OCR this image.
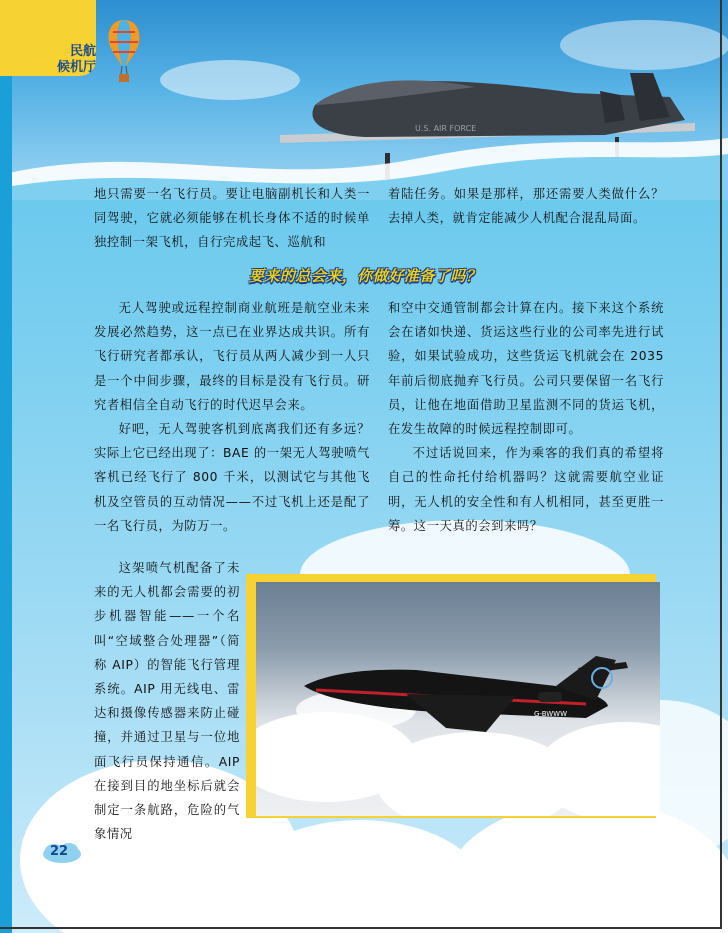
U.S. AIR FORCE
民航
候机厅

地只需要一名飞行员。要让电脑副机长和人类一同驾驶，它就必须能够在机长身体不适的时候单独控制一架飞机，自行完成起飞、巡航和

着陆任务。如果是那样，那还需要人类做什么？去掉人类，就肯定能减少人机配合混乱局面。

要来的总会来，你做好准备了吗？

无人驾驶或远程控制商业航班是航空业未来发展必然趋势，这一点已在业界达成共识。所有飞行研究者都承认，飞行员从两人减少到一人只是一个中间步骤，最终的目标是没有飞行员。研究者相信全自动飞行的时代迟早会来。

好吧，无人驾驶客机到底离我们还有多远？实际上它已经出现了：BAE 的一架无人驾驶喷气客机已经飞行了 800 千米，以测试它与其他飞机及空管员的互动情况——不过飞机上还是配了一名飞行员，为防万一。

这架喷气机配备了未来的无人机都会需要的初步机器智能——一个名叫“空域整合处理器”（简称 AIP）的智能飞行管理系统。AIP 用无线电、雷达和摄像传感器来防止碰撞，并通过卫星与一位地面飞行员保持通信。AIP 在接到目的地坐标后就会制定一条航路，危险的气象情况

和空中交通管制都会计算在内。接下来这个系统会在诸如快递、货运这些行业的公司率先进行试验，如果试验成功，这些货运飞机就会在 2035 年前后彻底抛弃飞行员。公司只要保留一名飞行员，让他在地面借助卫星监测不同的货运飞机，在发生故障的时候远程控制即可。

不过话说回来，作为乘客的我们真的希望将自己的性命托付给机器吗？这就需要航空业证明，无人机的安全性和有人机相同，甚至更胜一筹。这一天真的会到来吗？

G-BWWW
22
